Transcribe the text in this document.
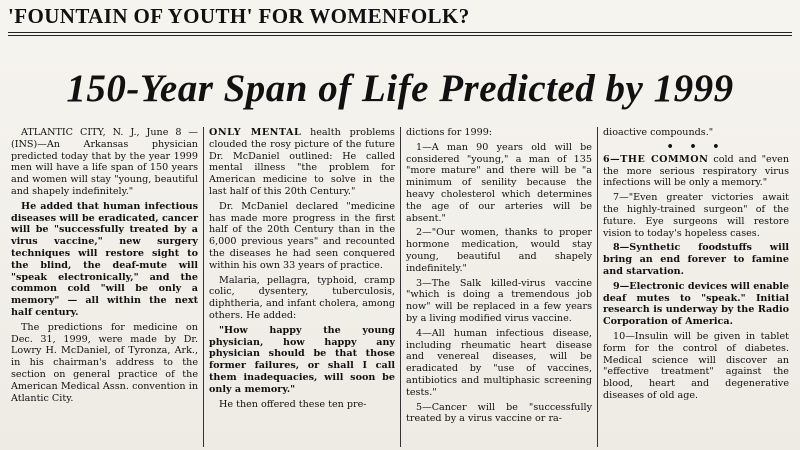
'FOUNTAIN OF YOUTH' FOR WOMENFOLK?
150-Year Span of Life Predicted by 1999

ATLANTIC CITY, N. J., June 8 —(INS)—An Arkansas physician predicted today that by the year 1999 men will have a life span of 150 years and women will stay "young, beautiful and shapely indefinitely."

He added that human infectious diseases will be eradicated, cancer will be "successfully treated by a virus vaccine," new surgery techniques will restore sight to the blind, the deaf-mute will "speak electronically," and the common cold "will be only a memory" — all within the next half century.

The predictions for medicine on Dec. 31, 1999, were made by Dr. Lowry H. McDaniel, of Tyronza, Ark., in his chairman's address to the section on general practice of the American Medical Assn. convention in Atlantic City.

ONLY MENTAL health problems clouded the rosy picture of the future Dr. McDaniel outlined: He called mental illness "the problem for American medicine to solve in the last half of this 20th Century."

Dr. McDaniel declared "medicine has made more progress in the first half of the 20th Century than in the 6,000 previous years" and recounted the diseases he had seen conquered within his own 33 years of practice.

Malaria, pellagra, typhoid, cramp colic, dysentery, tuberculosis, diphtheria, and infant cholera, among others. He added:

"How happy the young physician, how happy any physician should be that those former failures, or shall I call them inadequacies, will soon be only a memory."

He then offered these ten pre-

dictions for 1999:

1—A man 90 years old will be considered "young," a man of 135 "more mature" and there will be "a minimum of senility because the heavy cholesterol which determines the age of our arteries will be absent."

2—"Our women, thanks to proper hormone medication, would stay young, beautiful and shapely indefinitely."

3—The Salk killed-virus vaccine "which is doing a tremendous job now" will be replaced in a few years by a living modified virus vaccine.

4—All human infectious disease, including rheumatic heart disease and venereal diseases, will be eradicated by "use of vaccines, antibiotics and multiphasic screening tests."

5—Cancer will be "successfully treated by a virus vaccine or ra-

dioactive compounds."

• • •

6—THE COMMON cold and "even the more serious respiratory virus infections will be only a memory."

7—"Even greater victories await the highly-trained surgeon" of the future. Eye surgeons will restore vision to today's hopeless cases.

8—Synthetic foodstuffs will bring an end forever to famine and starvation.

9—Electronic devices will enable deaf mutes to "speak." Initial research is underway by the Radio Corporation of America.

10—Insulin will be given in tablet form for the control of diabetes. Medical science will discover an "effective treatment" against the blood, heart and degenerative diseases of old age.
